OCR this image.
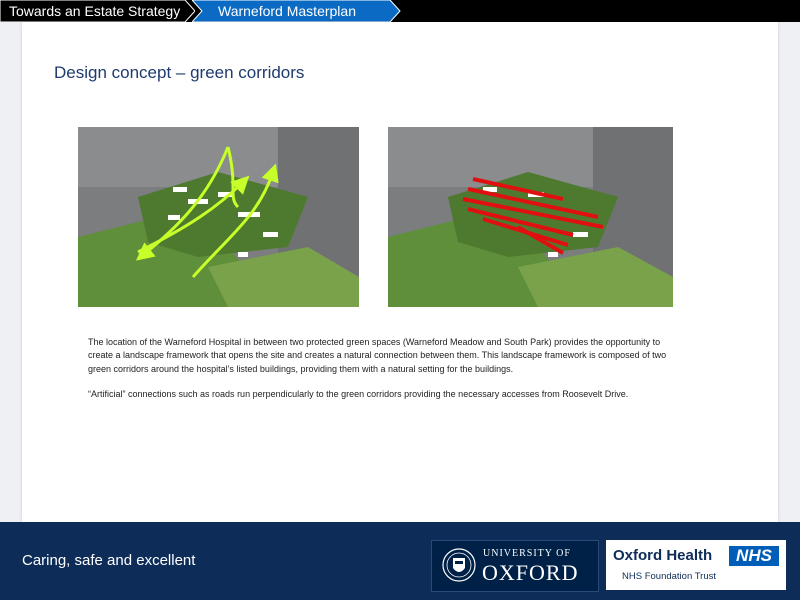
Towards an Estate Strategy	Warneford Masterplan
Design concept – green corridors

The location of the Warneford Hospital in between two protected green spaces (Warneford Meadow and South Park) provides the opportunity to create a landscape framework that opens the site and creates a natural connection between them. This landscape framework is composed of two green corridors around the hospital’s listed buildings, providing them with a natural setting for the buildings.

“Artificial” connections such as roads run perpendicularly to the green corridors providing the necessary accesses from Roosevelt Drive.

Caring, safe and excellent	UNIVERSITY OF
OXFORD
Oxford Health	NHS
NHS Foundation Trust
